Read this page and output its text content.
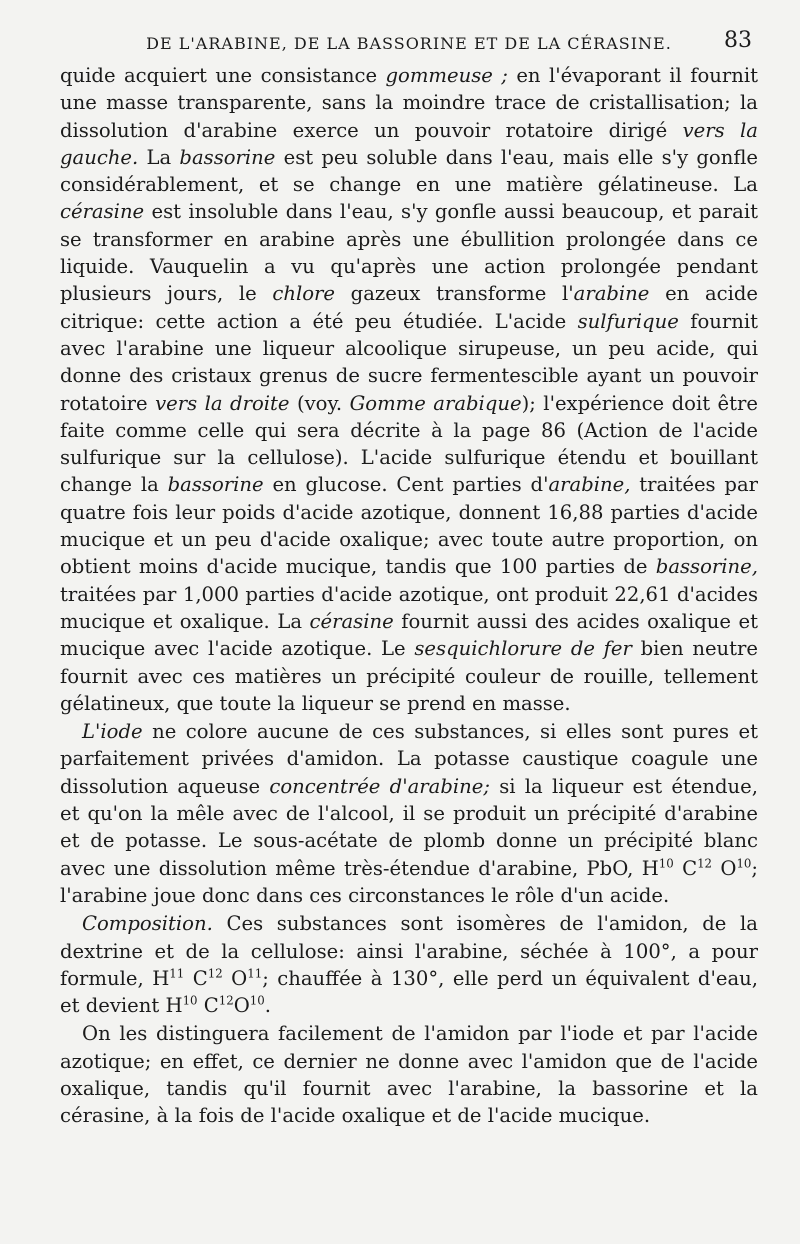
DE L'ARABINE, DE LA BASSORINE ET DE LA CÉRASINE. 83

quide acquiert une consistance gommeuse ; en l'évaporant il fournit une masse transparente, sans la moindre trace de cristallisation; la dissolution d'arabine exerce un pouvoir rotatoire dirigé vers la gauche. La bassorine est peu soluble dans l'eau, mais elle s'y gonfle considérablement, et se change en une matière gélatineuse. La cérasine est insoluble dans l'eau, s'y gonfle aussi beaucoup, et parait se transformer en arabine après une ébullition prolongée dans ce liquide. Vauquelin a vu qu'après une action prolongée pendant plusieurs jours, le chlore gazeux transforme l'arabine en acide citrique: cette action a été peu étudiée. L'acide sulfurique fournit avec l'arabine une liqueur alcoolique sirupeuse, un peu acide, qui donne des cristaux grenus de sucre fermentescible ayant un pouvoir rotatoire vers la droite (voy. Gomme arabique); l'expérience doit être faite comme celle qui sera décrite à la page 86 (Action de l'acide sulfurique sur la cellulose). L'acide sulfurique étendu et bouillant change la bassorine en glucose. Cent parties d'arabine, traitées par quatre fois leur poids d'acide azotique, donnent 16,88 parties d'acide mucique et un peu d'acide oxalique; avec toute autre proportion, on obtient moins d'acide mucique, tandis que 100 parties de bassorine, traitées par 1,000 parties d'acide azotique, ont produit 22,61 d'acides mucique et oxalique. La cérasine fournit aussi des acides oxalique et mucique avec l'acide azotique. Le sesquichlorure de fer bien neutre fournit avec ces matières un précipité couleur de rouille, tellement gélatineux, que toute la liqueur se prend en masse.

L'iode ne colore aucune de ces substances, si elles sont pures et parfaitement privées d'amidon. La potasse caustique coagule une dissolution aqueuse concentrée d'arabine; si la liqueur est étendue, et qu'on la mêle avec de l'alcool, il se produit un précipité d'arabine et de potasse. Le sous-acétate de plomb donne un précipité blanc avec une dissolution même très-étendue d'arabine, PbO, $H^{10}$ $C^{12}$ $O^{10}$; l'arabine joue donc dans ces circonstances le rôle d'un acide.

Composition. Ces substances sont isomères de l'amidon, de la dextrine et de la cellulose: ainsi l'arabine, séchée à 100°, a pour formule, $H^{11}$ $C^{12}$ $O^{11}$; chauffée à 130°, elle perd un équivalent d'eau, et devient $H^{10}$ $C^{12}O^{10}$.

On les distinguera facilement de l'amidon par l'iode et par l'acide azotique; en effet, ce dernier ne donne avec l'amidon que de l'acide oxalique, tandis qu'il fournit avec l'arabine, la bassorine et la cérasine, à la fois de l'acide oxalique et de l'acide mucique.
